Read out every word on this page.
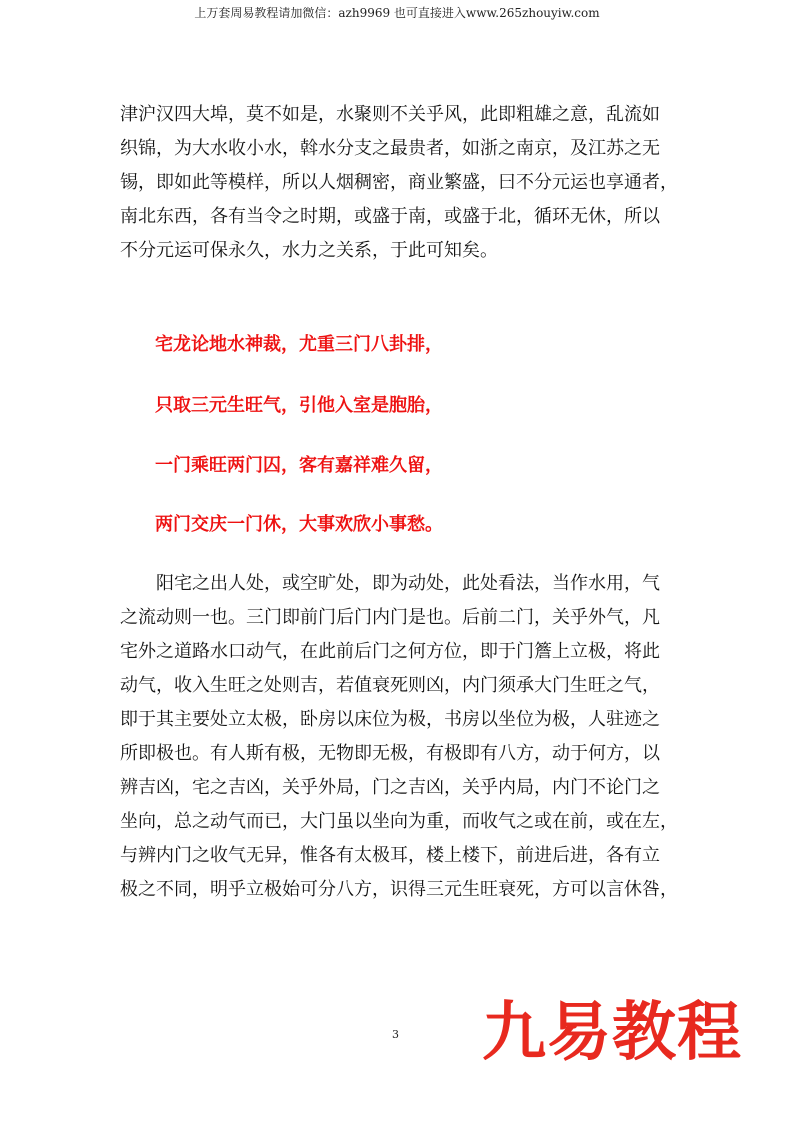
上万套周易教程请加微信：azh9969 也可直接进入www.265zhouyiw.com
津沪汉四大埠，莫不如是，水聚则不关乎风，此即粗雄之意，乱流如
织锦，为大水收小水，斡水分支之最贵者，如浙之南京，及江苏之无
锡，即如此等模样，所以人烟稠密，商业繁盛，曰不分元运也享通者，
南北东西，各有当令之时期，或盛于南，或盛于北，循环无休，所以
不分元运可保永久，水力之关系，于此可知矣。
宅龙论地水神裁，尤重三门八卦排，
只取三元生旺气，引他入室是胞胎，
一门乘旺两门囚，客有嘉祥难久留，
两门交庆一门休，大事欢欣小事愁。
阳宅之出人处，或空旷处，即为动处，此处看法，当作水用，气
之流动则一也。三门即前门后门内门是也。后前二门，关乎外气，凡
宅外之道路水口动气，在此前后门之何方位，即于门簷上立极，将此
动气，收入生旺之处则吉，若值衰死则凶，内门须承大门生旺之气，
即于其主要处立太极，卧房以床位为极，书房以坐位为极，人驻迹之
所即极也。有人斯有极，无物即无极，有极即有八方，动于何方，以
辨吉凶，宅之吉凶，关乎外局，门之吉凶，关乎内局，内门不论门之
坐向，总之动气而已，大门虽以坐向为重，而收气之或在前，或在左，
与辨内门之收气无异，惟各有太极耳，楼上楼下，前进后进，各有立
极之不同，明乎立极始可分八方，识得三元生旺衰死，方可以言休咎，
3 九易教程
